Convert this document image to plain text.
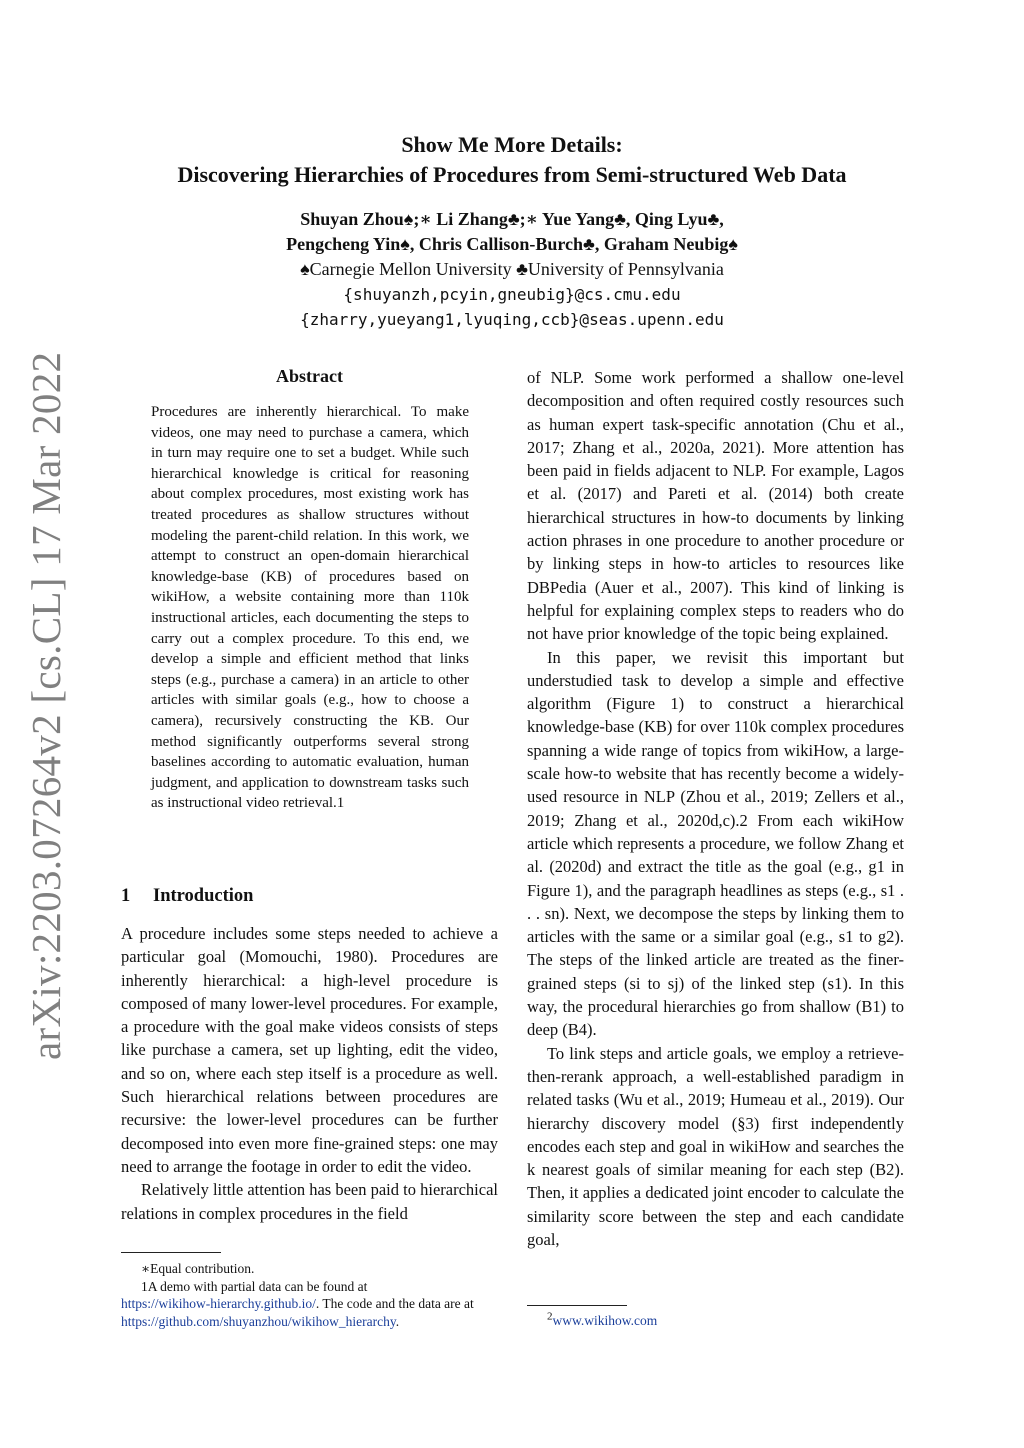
arXiv:2203.07264v2 [cs.CL] 17 Mar 2022

Show Me More Details:

Discovering Hierarchies of Procedures from Semi-structured Web Data

Shuyan Zhou♠;∗ Li Zhang♣;∗ Yue Yang♣, Qing Lyu♣,
Pengcheng Yin♠, Chris Callison-Burch♣, Graham Neubig♠
♠Carnegie Mellon University ♣University of Pennsylvania
{shuyanzh,pcyin,gneubig}@cs.cmu.edu
{zharry,yueyang1,lyuqing,ccb}@seas.upenn.edu
Abstract
Procedures are inherently hierarchical. To make videos, one may need to purchase a camera, which in turn may require one to set a budget. While such hierarchical knowledge is critical for reasoning about complex procedures, most existing work has treated procedures as shallow structures without modeling the parent-child relation. In this work, we attempt to construct an open-domain hierarchical knowledge-base (KB) of procedures based on wikiHow, a website containing more than 110k instructional articles, each documenting the steps to carry out a complex procedure. To this end, we develop a simple and efficient method that links steps (e.g., purchase a camera) in an article to other articles with similar goals (e.g., how to choose a camera), recursively constructing the KB. Our method significantly outperforms several strong baselines according to automatic evaluation, human judgment, and application to downstream tasks such as instructional video retrieval.1
1 Introduction

A procedure includes some steps needed to achieve a particular goal (Momouchi, 1980). Procedures are inherently hierarchical: a high-level procedure is composed of many lower-level procedures. For example, a procedure with the goal make videos consists of steps like purchase a camera, set up lighting, edit the video, and so on, where each step itself is a procedure as well. Such hierarchical relations between procedures are recursive: the lower-level procedures can be further decomposed into even more fine-grained steps: one may need to arrange the footage in order to edit the video.

Relatively little attention has been paid to hierarchical relations in complex procedures in the field

∗Equal contribution.
1A demo with partial data can be found at
https://wikihow-hierarchy.github.io/. The code and the data are at https://github.com/shuyanzhou/wikihow_hierarchy.

of NLP. Some work performed a shallow one-level decomposition and often required costly resources such as human expert task-specific annotation (Chu et al., 2017; Zhang et al., 2020a, 2021). More attention has been paid in fields adjacent to NLP. For example, Lagos et al. (2017) and Pareti et al. (2014) both create hierarchical structures in how-to documents by linking action phrases in one procedure to another procedure or by linking steps in how-to articles to resources like DBPedia (Auer et al., 2007). This kind of linking is helpful for explaining complex steps to readers who do not have prior knowledge of the topic being explained.

In this paper, we revisit this important but understudied task to develop a simple and effective algorithm (Figure 1) to construct a hierarchical knowledge-base (KB) for over 110k complex procedures spanning a wide range of topics from wikiHow, a large-scale how-to website that has recently become a widely-used resource in NLP (Zhou et al., 2019; Zellers et al., 2019; Zhang et al., 2020d,c).2 From each wikiHow article which represents a procedure, we follow Zhang et al. (2020d) and extract the title as the goal (e.g., g1 in Figure 1), and the paragraph headlines as steps (e.g., s1 . . . sn). Next, we decompose the steps by linking them to articles with the same or a similar goal (e.g., s1 to g2). The steps of the linked article are treated as the finer-grained steps (si to sj) of the linked step (s1). In this way, the procedural hierarchies go from shallow (B1) to deep (B4).

To link steps and article goals, we employ a retrieve-then-rerank approach, a well-established paradigm in related tasks (Wu et al., 2019; Humeau et al., 2019). Our hierarchy discovery model (§3) first independently encodes each step and goal in wikiHow and searches the k nearest goals of similar meaning for each step (B2). Then, it applies a dedicated joint encoder to calculate the similarity score between the step and each candidate goal,

$^2$www.wikihow.com
